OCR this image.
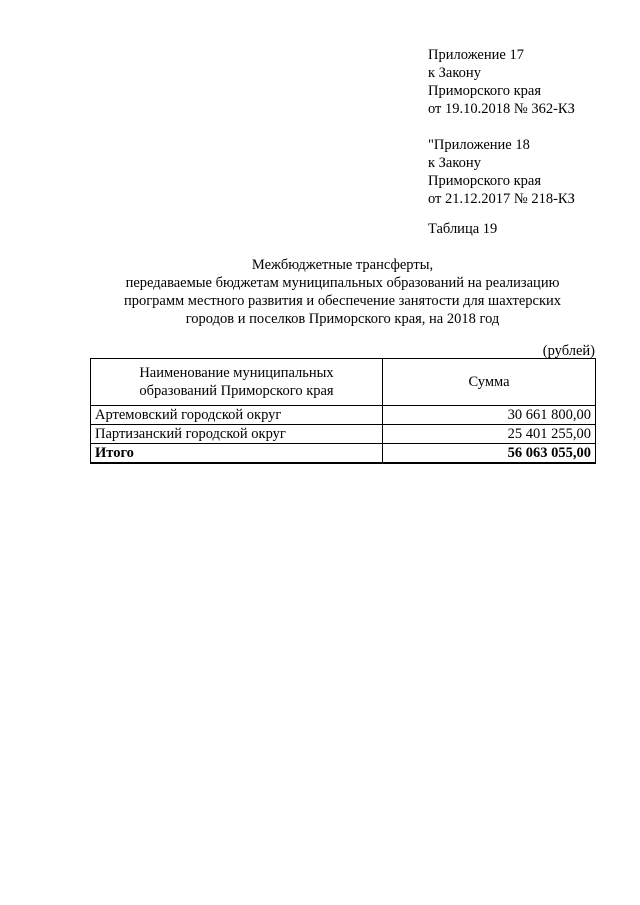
Приложение 17
к Закону
Приморского края
от 19.10.2018 № 362-КЗ
"Приложение 18
к Закону
Приморского края
от 21.12.2017 № 218-КЗ
Таблица 19
Межбюджетные трансферты,
передаваемые бюджетам муниципальных образований на реализацию
программ местного развития и обеспечение занятости для шахтерских
городов и поселков Приморского края, на 2018 год
(рублей)
Наименование муниципальных
образований Приморского края	Сумма
Артемовский городской округ	30 661 800,00
Партизанский городской округ	25 401 255,00
Итого	56 063 055,00
